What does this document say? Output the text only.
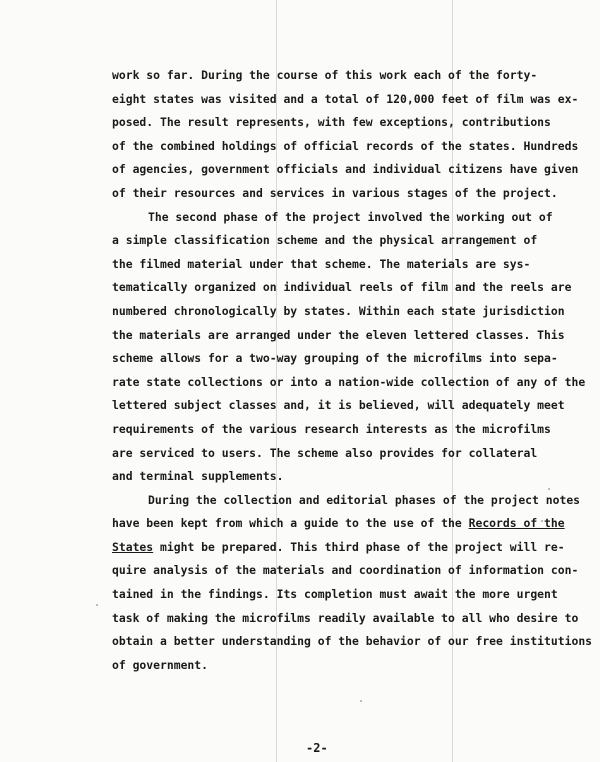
work so far. During the course of this work each of the forty-
eight states was visited and a total of 120,000 feet of film was ex-
posed. The result represents, with few exceptions, contributions
of the combined holdings of official records of the states. Hundreds
of agencies, government officials and individual citizens have given
of their resources and services in various stages of the project.
The second phase of the project involved the working out of
a simple classification scheme and the physical arrangement of
the filmed material under that scheme. The materials are sys-
tematically organized on individual reels of film and the reels are
numbered chronologically by states. Within each state jurisdiction
the materials are arranged under the eleven lettered classes. This
scheme allows for a two-way grouping of the microfilms into sepa-
rate state collections or into a nation-wide collection of any of the
lettered subject classes and, it is believed, will adequately meet
requirements of the various research interests as the microfilms
are serviced to users. The scheme also provides for collateral
and terminal supplements.
During the collection and editorial phases of the project notes
have been kept from which a guide to the use of the Records of the
States might be prepared. This third phase of the project will re-
quire analysis of the materials and coordination of information con-
tained in the findings. Its completion must await the more urgent
task of making the microfilms readily available to all who desire to
obtain a better understanding of the behavior of our free institutions
of government.
-2-
